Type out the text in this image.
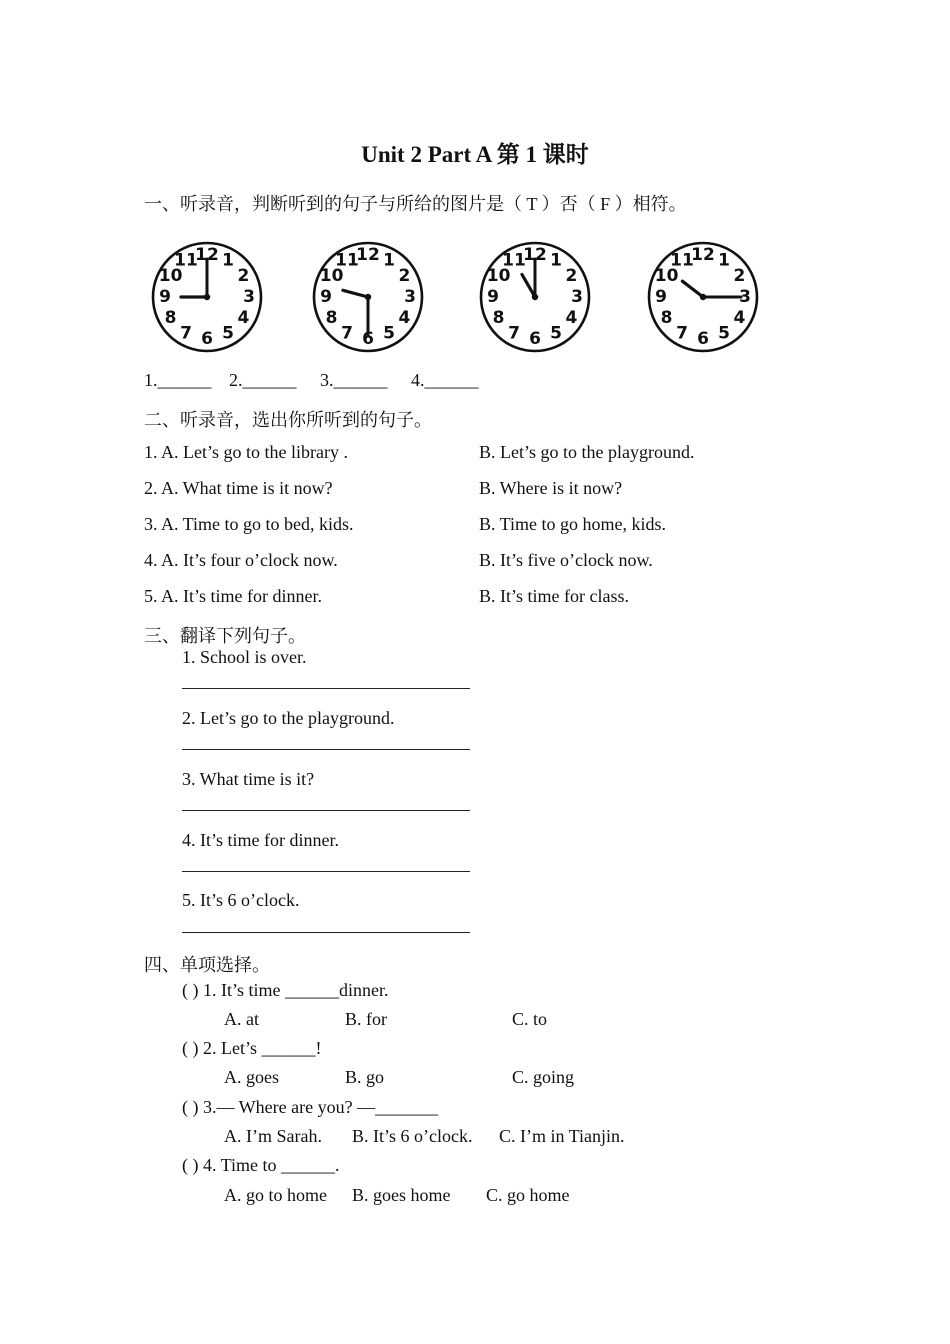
Unit 2 Part A 第 1 课时
一、听录音，判断听到的句子与所给的图片是（ T ）否（ F ）相符。
1
2
3
4
5
6
7
8
9
10
11
12	1
2
3
4
5
6
7
8
9
10
11
12	1
2
3
4
5
6
7
8
9
10
11
12	1
2
3
4
5
6
7
8
9
10
11
12
1.______ 2.______ 3.______ 4.______
二、听录音，选出你所听到的句子。
1. A. Let’s go to the library .	B. Let’s go to the playground.
2. A. What time is it now?	B. Where is it now?
3. A. Time to go to bed, kids.	B. Time to go home, kids.
4. A. It’s four o’clock now.	B. It’s five o’clock now.
5. A. It’s time for dinner.	B. It’s time for class.
三、翻译下列句子。
1. School is over.
2. Let’s go to the playground.
3. What time is it?
4. It’s time for dinner.
5. It’s 6 o’clock.
四、单项选择。
( ) 1. It’s time ______dinner.
A. at	B. for	C. to
( ) 2. Let’s ______!
A. goes	B. go	C. going
( ) 3.— Where are you? —_______
A. I’m Sarah. B. It’s 6 o’clock. C. I’m in Tianjin.
( ) 4. Time to ______.
A. go to home B. goes home C. go home
